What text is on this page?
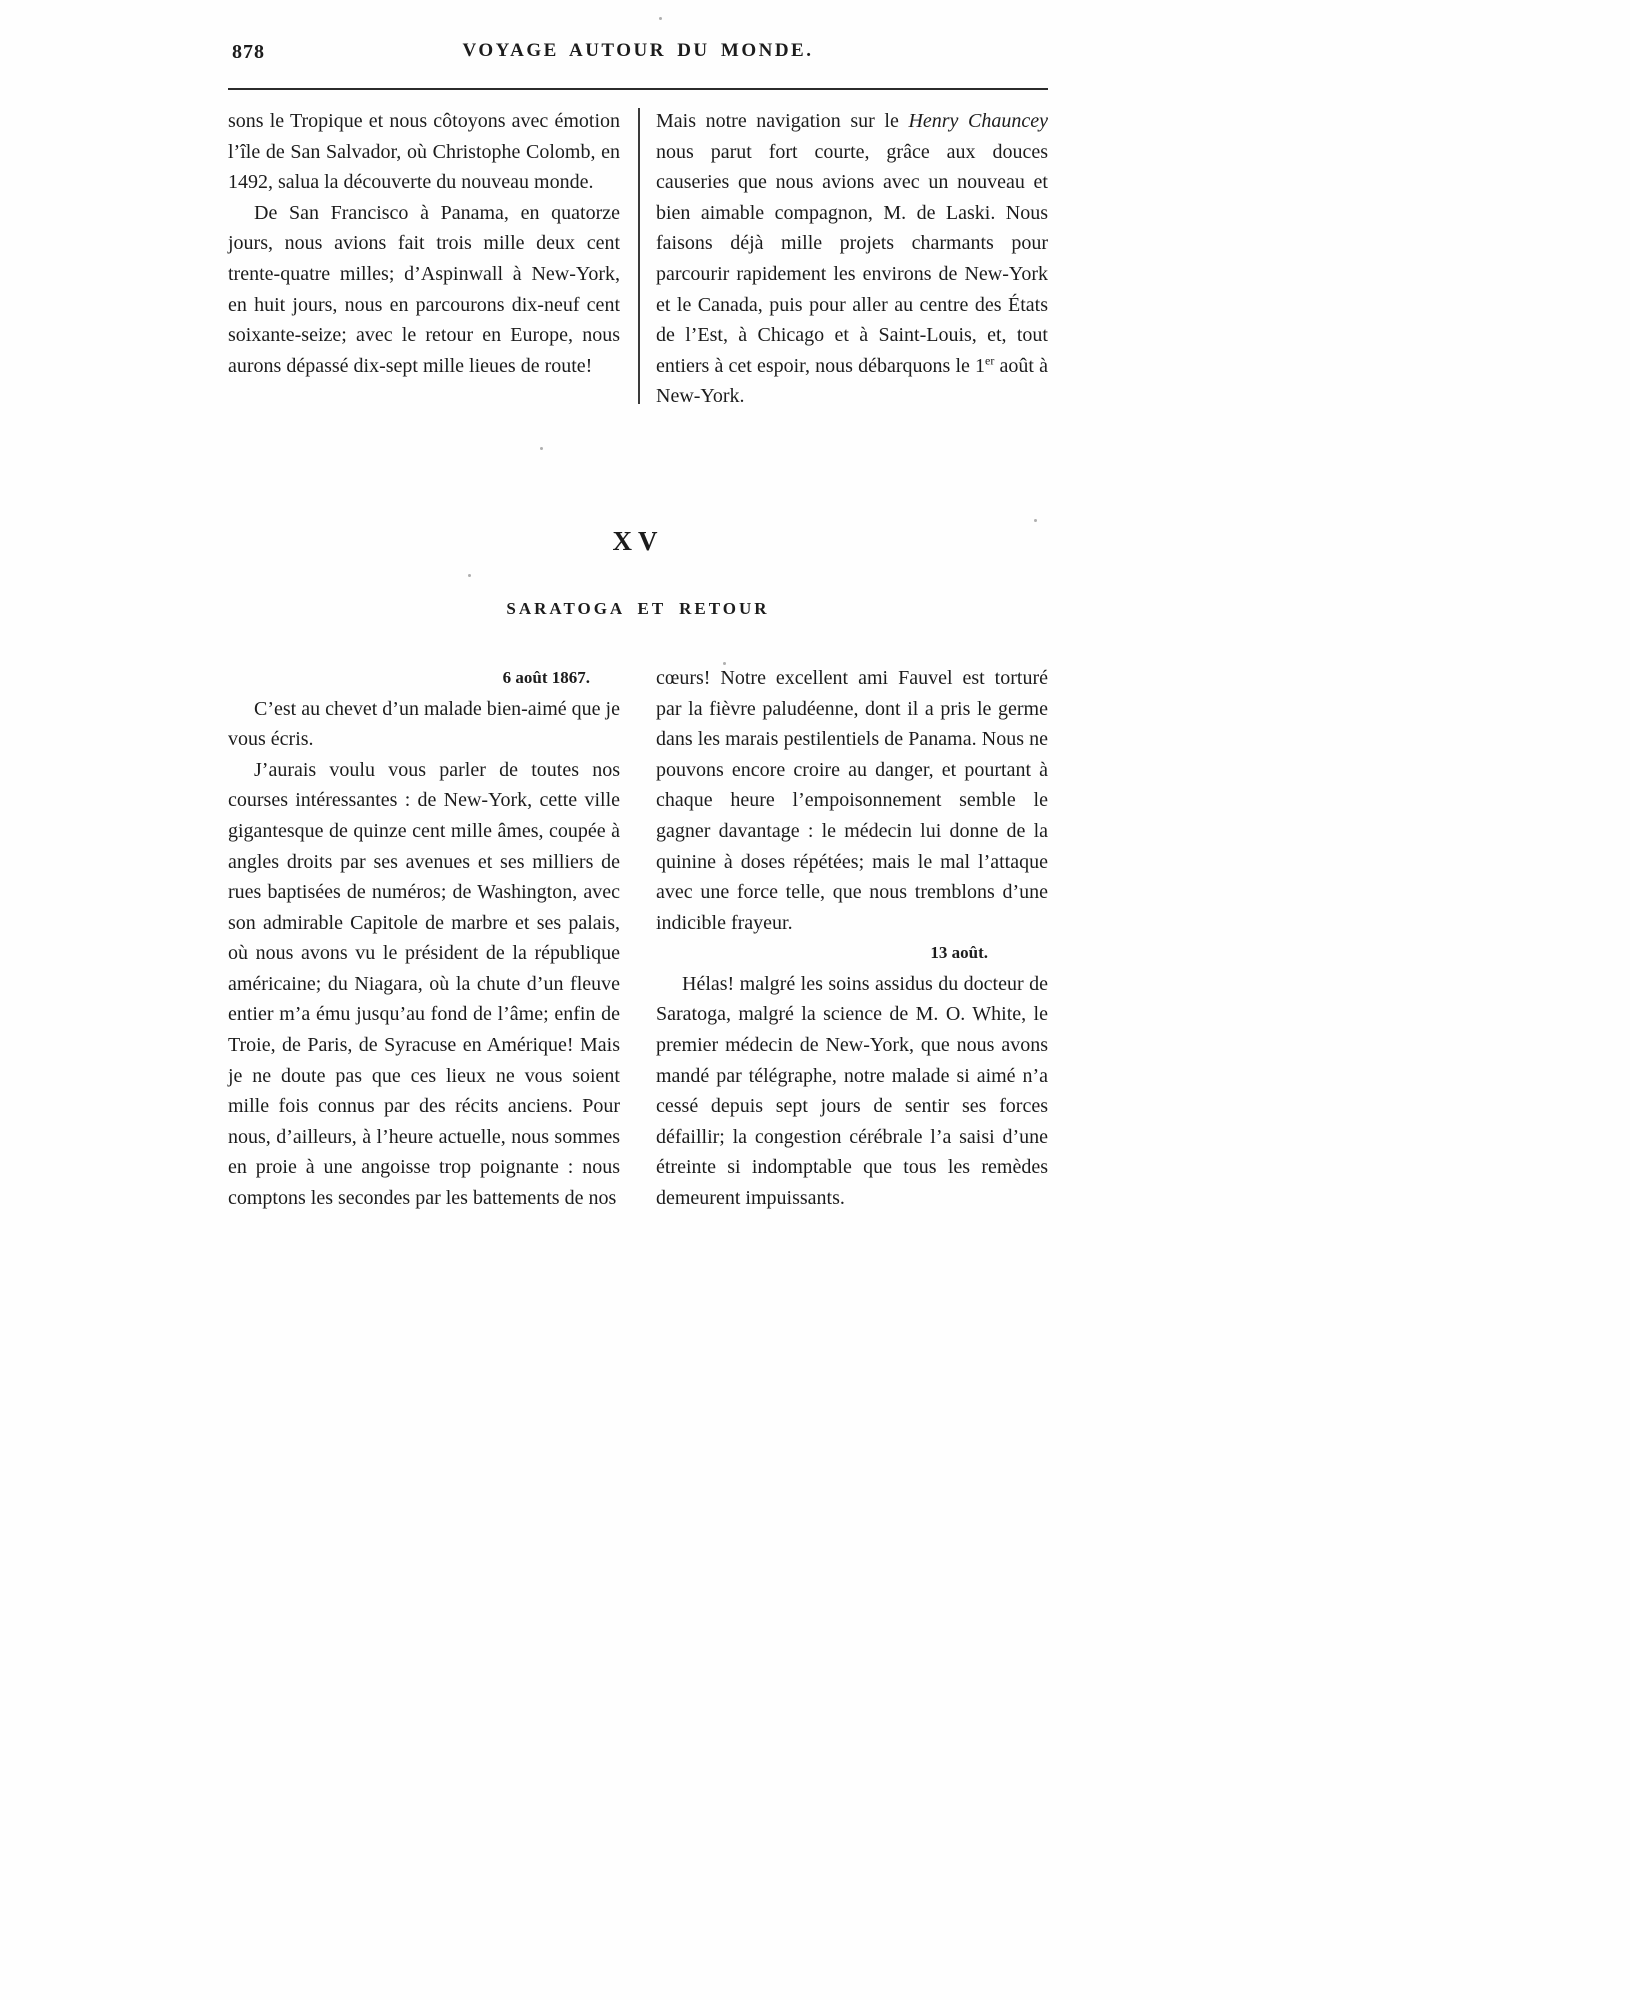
878	VOYAGE AUTOUR DU MONDE.

sons le Tropique et nous côtoyons avec émotion l’île de San Salvador, où Christophe Colomb, en 1492, salua la découverte du nouveau monde.

De San Francisco à Panama, en quatorze jours, nous avions fait trois mille deux cent trente-quatre milles; d’Aspinwall à New-York, en huit jours, nous en parcourons dix-neuf cent soixante-seize; avec le retour en Europe, nous aurons dépassé dix-sept mille lieues de route!

Mais notre navigation sur le Henry Chauncey nous parut fort courte, grâce aux douces causeries que nous avions avec un nouveau et bien aimable compagnon, M. de Laski. Nous faisons déjà mille projets charmants pour parcourir rapidement les environs de New-York et le Canada, puis pour aller au centre des États de l’Est, à Chicago et à Saint-Louis, et, tout entiers à cet espoir, nous débarquons le 1er août à New-York.

XV
SARATOGA ET RETOUR

6 août 1867.

C’est au chevet d’un malade bien-aimé que je vous écris.

J’aurais voulu vous parler de toutes nos courses intéressantes : de New-York, cette ville gigantesque de quinze cent mille âmes, coupée à angles droits par ses avenues et ses milliers de rues baptisées de numéros; de Washington, avec son admirable Capitole de marbre et ses palais, où nous avons vu le président de la république américaine; du Niagara, où la chute d’un fleuve entier m’a ému jusqu’au fond de l’âme; enfin de Troie, de Paris, de Syracuse en Amérique! Mais je ne doute pas que ces lieux ne vous soient mille fois connus par des récits anciens. Pour nous, d’ailleurs, à l’heure actuelle, nous sommes en proie à une angoisse trop poignante : nous comptons les secondes par les battements de nos

cœurs! Notre excellent ami Fauvel est torturé par la fièvre paludéenne, dont il a pris le germe dans les marais pestilentiels de Panama. Nous ne pouvons encore croire au danger, et pourtant à chaque heure l’empoisonnement semble le gagner davantage : le médecin lui donne de la quinine à doses répétées; mais le mal l’attaque avec une force telle, que nous tremblons d’une indicible frayeur.

13 août.

Hélas! malgré les soins assidus du docteur de Saratoga, malgré la science de M. O. White, le premier médecin de New-York, que nous avons mandé par télégraphe, notre malade si aimé n’a cessé depuis sept jours de sentir ses forces défaillir; la congestion cérébrale l’a saisi d’une étreinte si indomptable que tous les remèdes demeurent impuissants.
